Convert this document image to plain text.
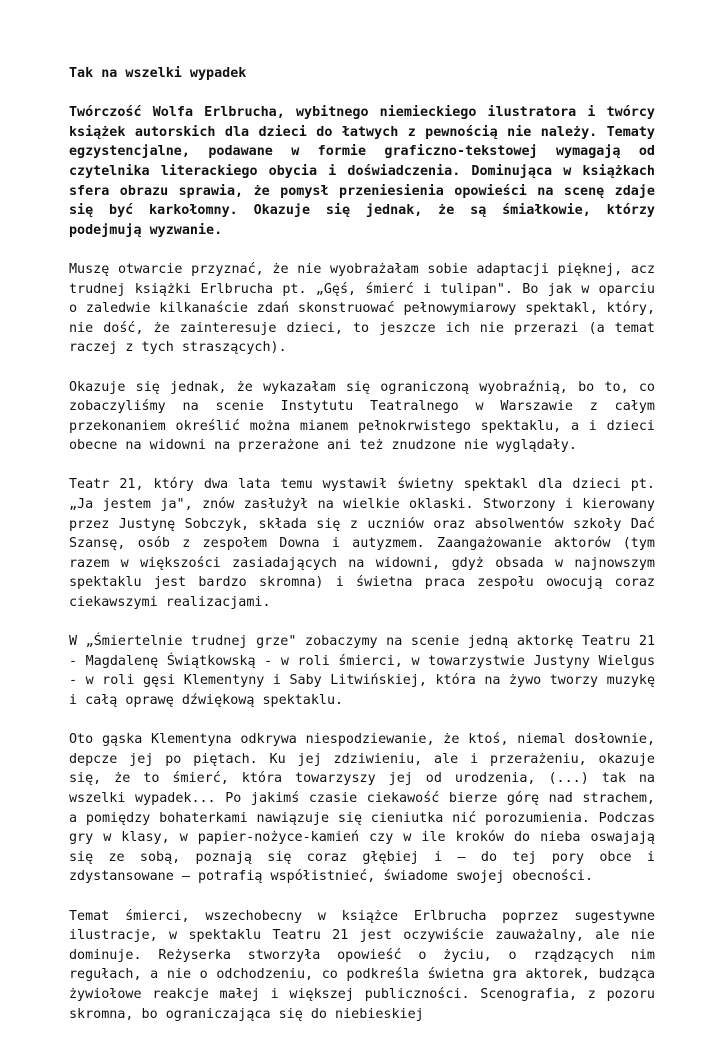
Tak na wszelki wypadek

Twórczość Wolfa Erlbrucha, wybitnego niemieckiego ilustratora i twórcy książek autorskich dla dzieci do łatwych z pewnością nie należy. Tematy egzystencjalne, podawane w formie graficzno-tekstowej wymagają od czytelnika literackiego obycia i doświadczenia. Dominująca w książkach sfera obrazu sprawia, że pomysł przeniesienia opowieści na scenę zdaje się być karkołomny. Okazuje się jednak, że są śmiałkowie, którzy podejmują wyzwanie.

Muszę otwarcie przyznać, że nie wyobrażałam sobie adaptacji pięknej, acz trudnej książki Erlbrucha pt. „Gęś, śmierć i tulipan". Bo jak w oparciu o zaledwie kilkanaście zdań skonstruować pełnowymiarowy spektakl, który, nie dość, że zainteresuje dzieci, to jeszcze ich nie przerazi (a temat raczej z tych straszących).

Okazuje się jednak, że wykazałam się ograniczoną wyobraźnią, bo to, co zobaczyliśmy na scenie Instytutu Teatralnego w Warszawie z całym przekonaniem określić można mianem pełnokrwistego spektaklu, a i dzieci obecne na widowni na przerażone ani też znudzone nie wyglądały.

Teatr 21, który dwa lata temu wystawił świetny spektakl dla dzieci pt. „Ja jestem ja", znów zasłużył na wielkie oklaski. Stworzony i kierowany przez Justynę Sobczyk, składa się z uczniów oraz absolwentów szkoły Dać Szansę, osób z zespołem Downa i autyzmem. Zaangażowanie aktorów (tym razem w większości zasiadających na widowni, gdyż obsada w najnowszym spektaklu jest bardzo skromna) i świetna praca zespołu owocują coraz ciekawszymi realizacjami.

W „Śmiertelnie trudnej grze" zobaczymy na scenie jedną aktorkę Teatru 21 - Magdalenę Świątkowską - w roli śmierci, w towarzystwie Justyny Wielgus - w roli gęsi Klementyny i Saby Litwińskiej, która na żywo tworzy muzykę i całą oprawę dźwiękową spektaklu.

Oto gąska Klementyna odkrywa niespodziewanie, że ktoś, niemal dosłownie, depcze jej po piętach. Ku jej zdziwieniu, ale i przerażeniu, okazuje się, że to śmierć, która towarzyszy jej od urodzenia, (...) tak na wszelki wypadek... Po jakimś czasie ciekawość bierze górę nad strachem, a pomiędzy bohaterkami nawiązuje się cieniutka nić porozumienia. Podczas gry w klasy, w papier-nożyce-kamień czy w ile kroków do nieba oswajają się ze sobą, poznają się coraz głębiej i – do tej pory obce i zdystansowane – potrafią współistnieć, świadome swojej obecności.

Temat śmierci, wszechobecny w książce Erlbrucha poprzez sugestywne ilustracje, w spektaklu Teatru 21 jest oczywiście zauważalny, ale nie dominuje. Reżyserka stworzyła opowieść o życiu, o rządzących nim regułach, a nie o odchodzeniu, co podkreśla świetna gra aktorek, budząca żywiołowe reakcje małej i większej publiczności. Scenografia, z pozoru skromna, bo ograniczająca się do niebieskiej
